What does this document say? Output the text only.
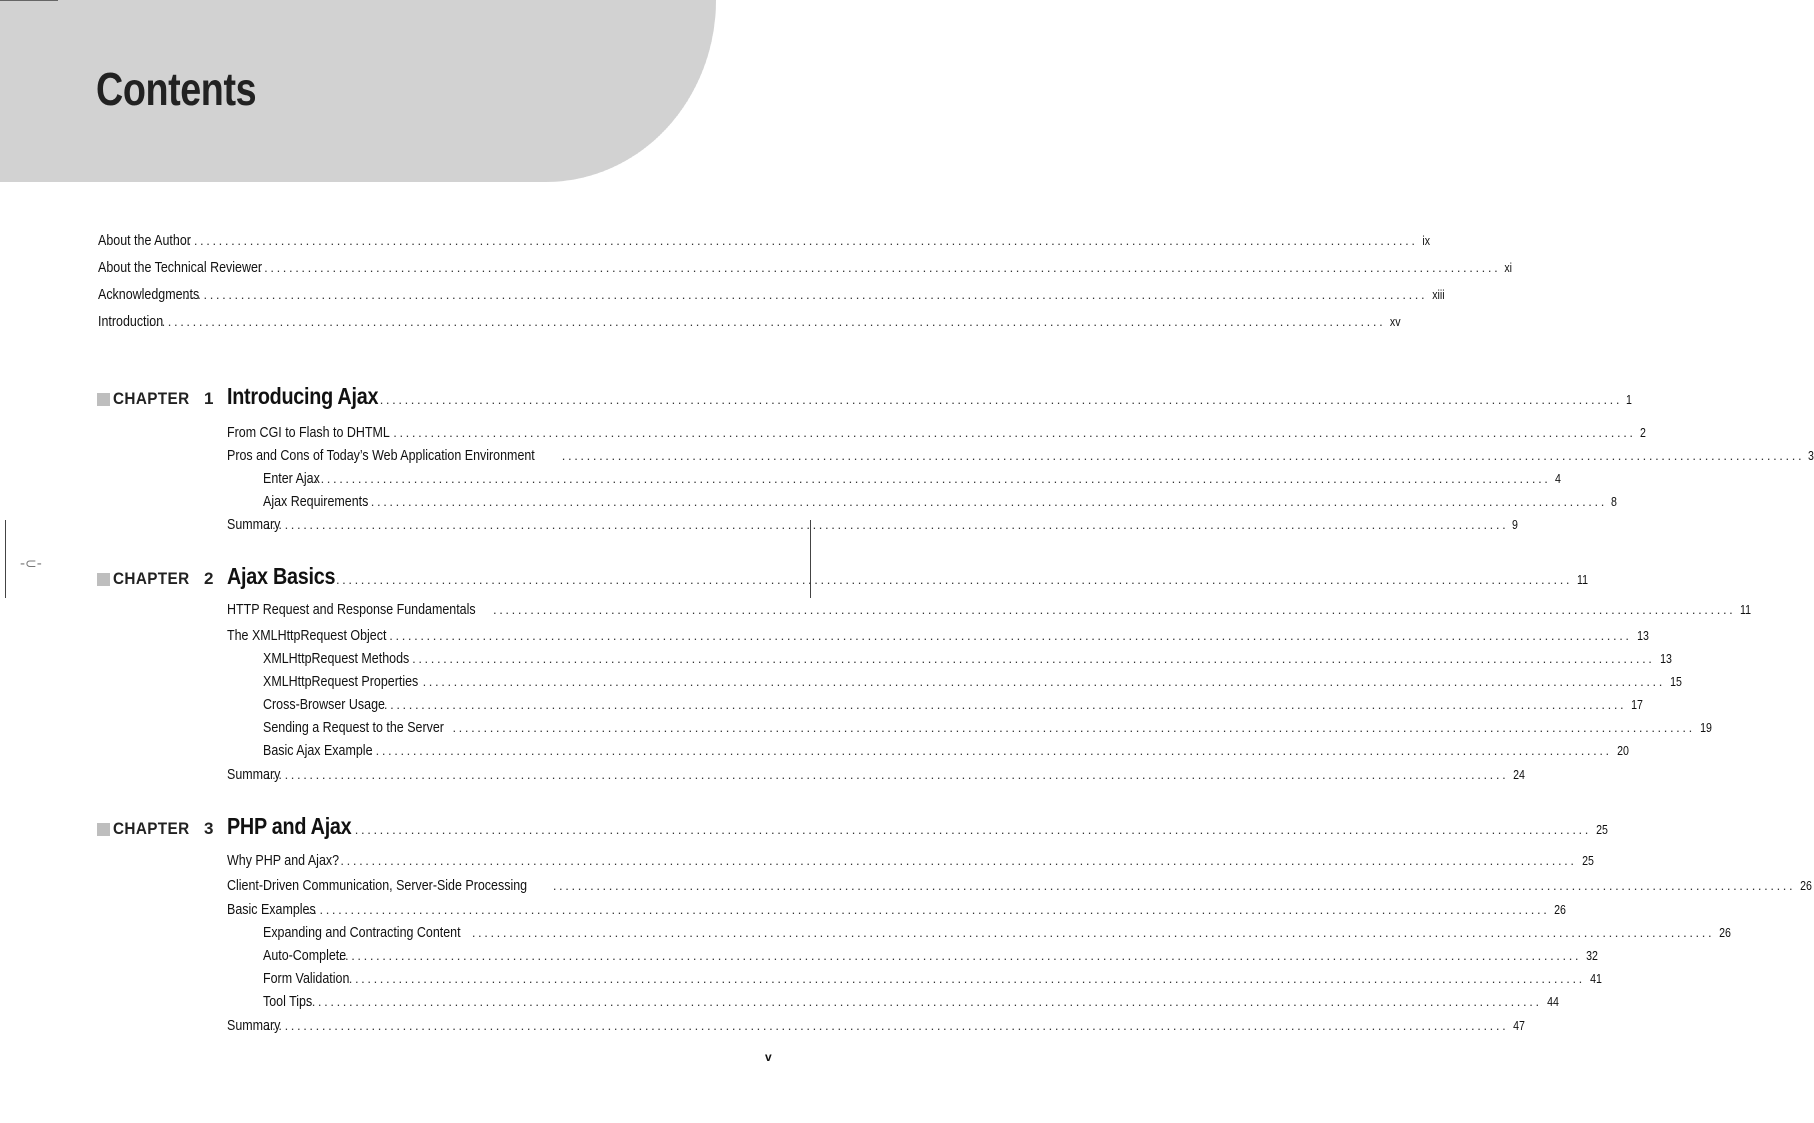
Contents
-⊂-
About the Author
........................................................................................................................................................................................................ ix
About the Technical Reviewer
........................................................................................................................................................................................................ xi
Acknowledgments
........................................................................................................................................................................................................ xiii
Introduction
........................................................................................................................................................................................................ xv
CHAPTER 1 Introducing Ajax ........................................................................................................................................................................................................ 1
From CGI to Flash to DHTML ........................................................................................................................................................................................................ 2
Pros and Cons of Today’s Web Application Environment ........................................................................................................................................................................................................ 3
Enter Ajax
........................................................................................................................................................................................................ 4
Ajax Requirements
........................................................................................................................................................................................................ 8
Summary
........................................................................................................................................................................................................ 9
CHAPTER 2 Ajax Basics
........................................................................................................................................................................................................ 11
HTTP Request and Response Fundamentals ........................................................................................................................................................................................................ 11
The XMLHttpRequest Object ........................................................................................................................................................................................................ 13
XMLHttpRequest Methods ........................................................................................................................................................................................................ 13
XMLHttpRequest Properties ........................................................................................................................................................................................................ 15
Cross-Browser Usage
........................................................................................................................................................................................................ 17
Sending a Request to the Server ........................................................................................................................................................................................................ 19
Basic Ajax Example
........................................................................................................................................................................................................ 20
Summary
........................................................................................................................................................................................................ 24
CHAPTER 3 PHP and Ajax
........................................................................................................................................................................................................ 25
Why PHP and Ajax?
........................................................................................................................................................................................................ 25
Client-Driven Communication, Server-Side Processing ........................................................................................................................................................................................................ 26
Basic Examples
........................................................................................................................................................................................................ 26
Expanding and Contracting Content ........................................................................................................................................................................................................ 26
Auto-Complete
........................................................................................................................................................................................................ 32
Form Validation
........................................................................................................................................................................................................ 41
Tool Tips
........................................................................................................................................................................................................ 44
Summary
........................................................................................................................................................................................................ 47
v
